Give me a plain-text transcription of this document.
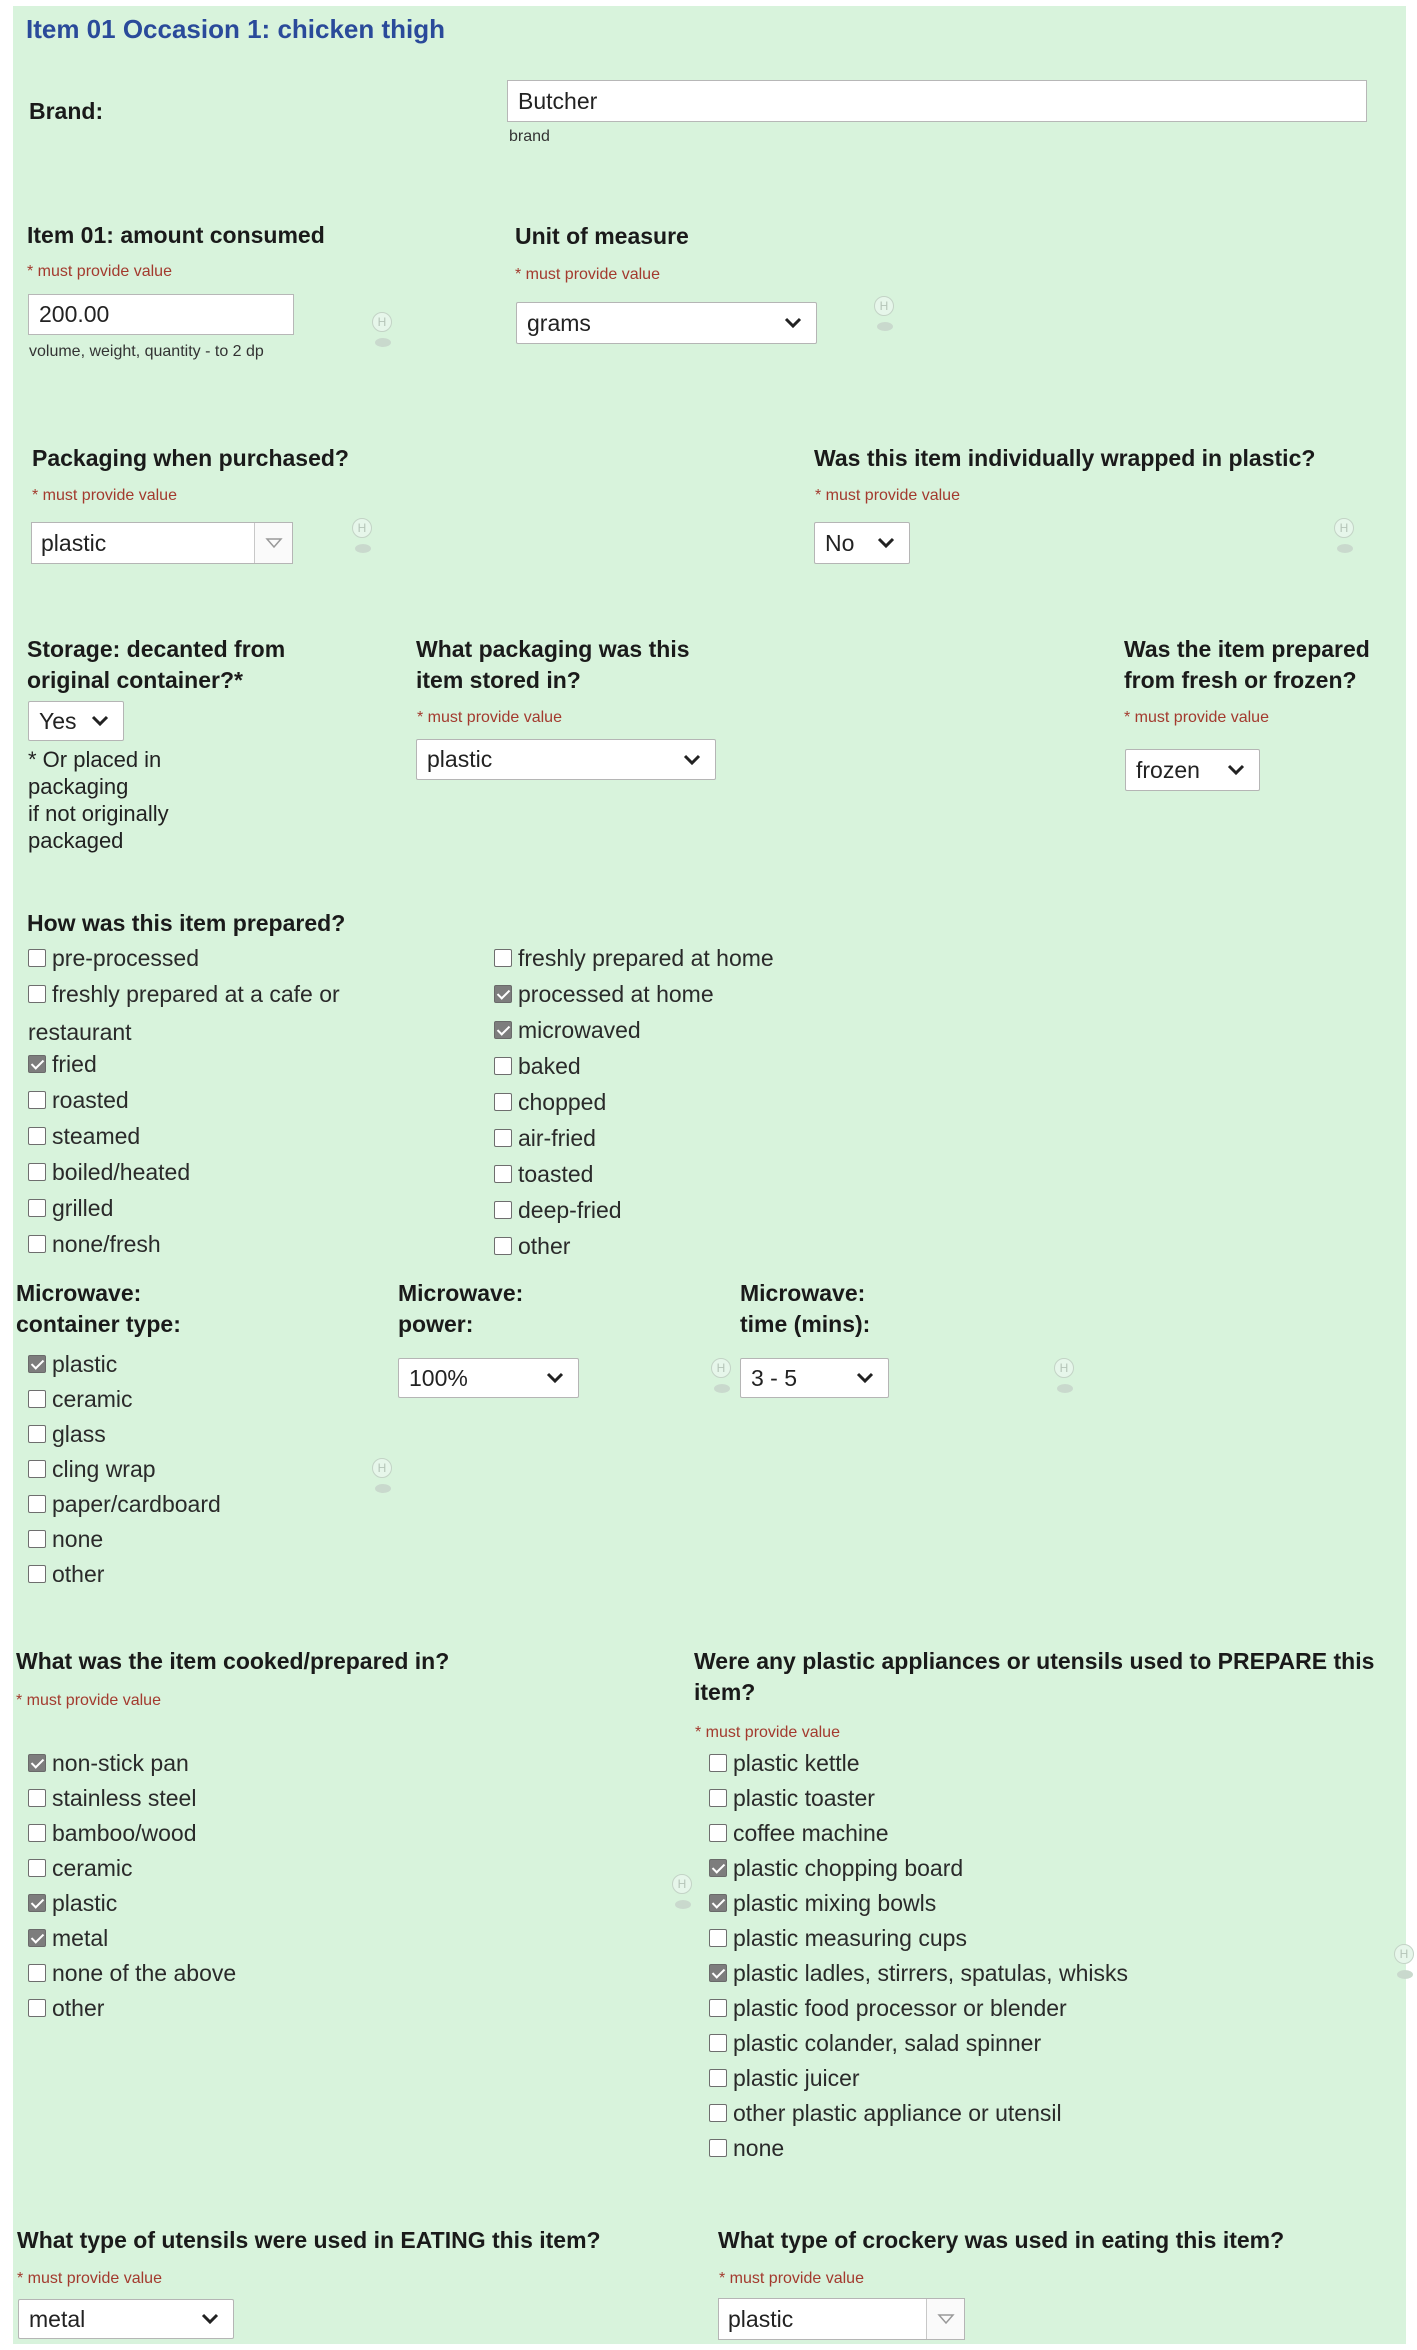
Item 01 Occasion 1: chicken thigh
Brand:	Butcher
brand
Item 01: amount consumed
* must provide value
200.00
volume, weight, quantity - to 2 dp
H
Unit of measure
* must provide value
grams
H
Packaging when purchased?
* must provide value
plastic
H
Was this item individually wrapped in plastic?
* must provide value
No
H
Storage: decanted from
original container?*
Yes
* Or placed in
packaging
if not originally
packaged
What packaging was this
item stored in?
* must provide value
plastic
Was the item prepared
from fresh or frozen?
* must provide value
frozen
How was this item prepared?
pre-processed
freshly prepared at a cafe or
restaurant
fried
roasted
steamed
boiled/heated
grilled
none/fresh
freshly prepared at home
processed at home
microwaved
baked
chopped
air-fried
toasted
deep-fried
other
Microwave:
container type:
plastic
ceramic
glass
cling wrap
paper/cardboard
none
other
H
Microwave:
power:
100%	H
Microwave:
time (mins):
3 - 5	H
What was the item cooked/prepared in?
* must provide value
non-stick pan
stainless steel
bamboo/wood
ceramic
plastic
metal
none of the above
other
H
Were any plastic appliances or utensils used to PREPARE this
item?
* must provide value
plastic kettle
plastic toaster
coffee machine
plastic chopping board
plastic mixing bowls
plastic measuring cups
plastic ladles, stirrers, spatulas, whisks
plastic food processor or blender
plastic colander, salad spinner
plastic juicer
other plastic appliance or utensil
none
H
What type of utensils were used in EATING this item?
* must provide value
metal
What type of crockery was used in eating this item?
* must provide value
plastic
